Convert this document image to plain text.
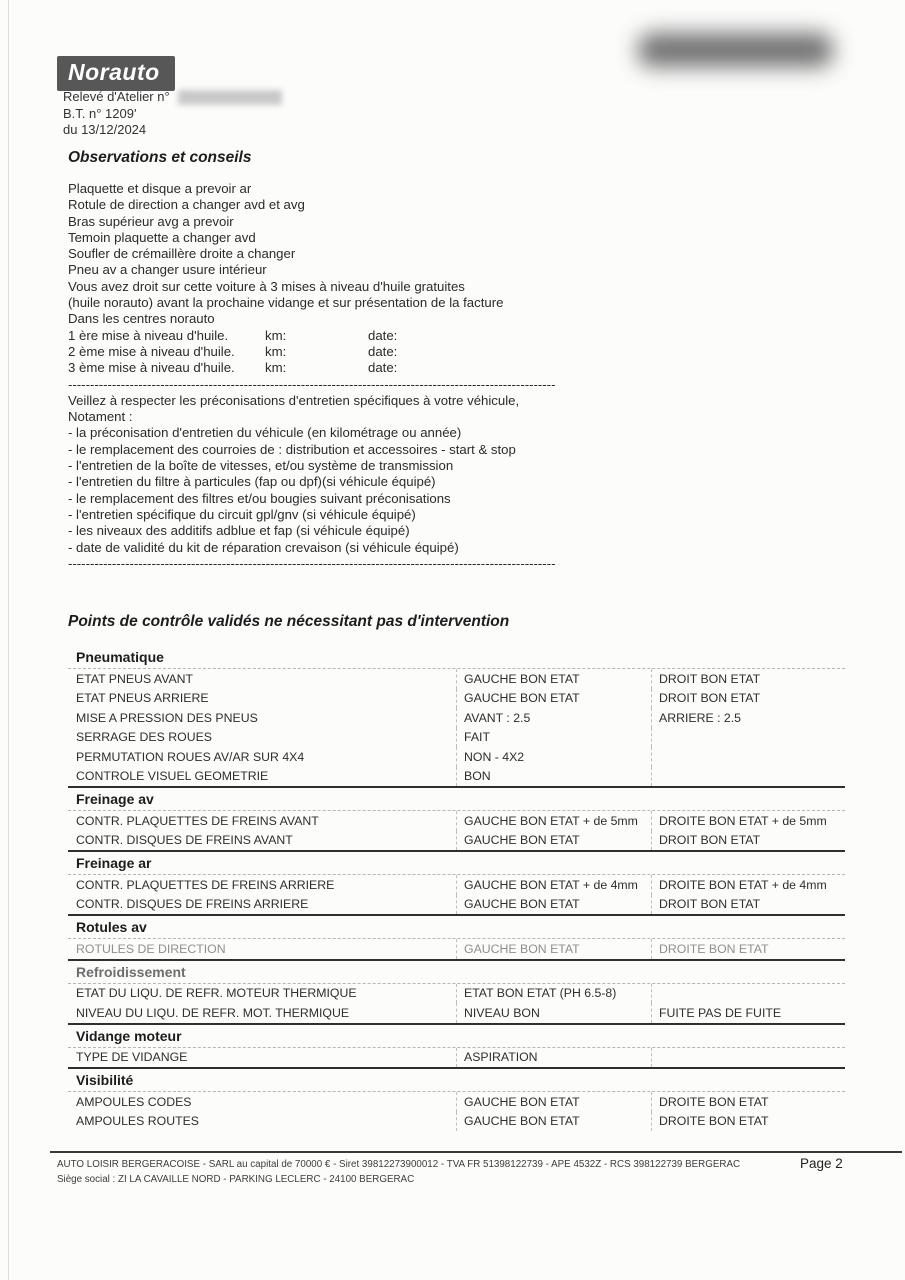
Norauto
Relevé d'Atelier n°
B.T. n° 1209'
du 13/12/2024
Observations et conseils
Plaquette et disque a prevoir ar
Rotule de direction a changer avd et avg
Bras supérieur avg a prevoir
Temoin plaquette a changer avd
Soufler de crémaillère droite a changer
Pneu av a changer usure intérieur
Vous avez droit sur cette voiture à 3 mises à niveau d'huile gratuites
(huile norauto) avant la prochaine vidange et sur présentation de la facture
Dans les centres norauto
1 ère mise à niveau d'huile.	km:	date:
2 ème mise à niveau d'huile.	km:	date:
3 ème mise à niveau d'huile.	km:	date:
---------------------------------------------------------------------------------------------------------------
Veillez à respecter les préconisations d'entretien spécifiques à votre véhicule,
Notament :
- la préconisation d'entretien du véhicule (en kilométrage ou année)
- le remplacement des courroies de : distribution et accessoires - start & stop
- l'entretien de la boîte de vitesses, et/ou système de transmission
- l'entretien du filtre à particules (fap ou dpf)(si véhicule équipé)
- le remplacement des filtres et/ou bougies suivant préconisations
- l'entretien spécifique du circuit gpl/gnv (si véhicule équipé)
- les niveaux des additifs adblue et fap (si véhicule équipé)
- date de validité du kit de réparation crevaison (si véhicule équipé)
---------------------------------------------------------------------------------------------------------------
Points de contrôle validés ne nécessitant pas d'intervention
Pneumatique
ETAT PNEUS AVANT	GAUCHE BON ETAT	DROIT BON ETAT
ETAT PNEUS ARRIERE	GAUCHE BON ETAT	DROIT BON ETAT
MISE A PRESSION DES PNEUS	AVANT : 2.5	ARRIERE : 2.5
SERRAGE DES ROUES	FAIT
PERMUTATION ROUES AV/AR SUR 4X4	NON - 4X2
CONTROLE VISUEL GEOMETRIE	BON
Freinage av
CONTR. PLAQUETTES DE FREINS AVANT	GAUCHE BON ETAT + de 5mm	DROITE BON ETAT + de 5mm
CONTR. DISQUES DE FREINS AVANT	GAUCHE BON ETAT	DROIT BON ETAT
Freinage ar
CONTR. PLAQUETTES DE FREINS ARRIERE	GAUCHE BON ETAT + de 4mm	DROITE BON ETAT + de 4mm
CONTR. DISQUES DE FREINS ARRIERE	GAUCHE BON ETAT	DROIT BON ETAT
Rotules av
ROTULES DE DIRECTION	GAUCHE BON ETAT	DROITE BON ETAT
Refroidissement
ETAT DU LIQU. DE REFR. MOTEUR THERMIQUE	ETAT BON ETAT (PH 6.5-8)
NIVEAU DU LIQU. DE REFR. MOT. THERMIQUE	NIVEAU BON	FUITE PAS DE FUITE
Vidange moteur
TYPE DE VIDANGE	ASPIRATION
Visibilité
AMPOULES CODES	GAUCHE BON ETAT	DROITE BON ETAT
AMPOULES ROUTES	GAUCHE BON ETAT	DROITE BON ETAT
AUTO LOISIR BERGERACOISE - SARL au capital de 70000 € - Siret 39812273900012 - TVA FR 51398122739 - APE 4532Z - RCS 398122739 BERGERAC
Siège social : ZI LA CAVAILLE NORD - PARKING LECLERC - 24100 BERGERAC
Page 2
